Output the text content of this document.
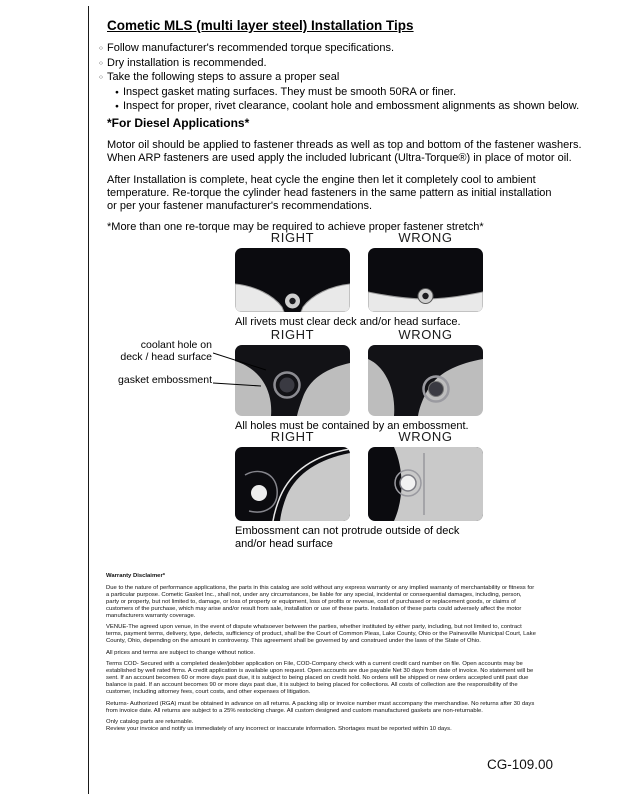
Cometic MLS (multi layer steel) Installation Tips
○
Follow manufacturer's recommended torque specifications.
○
Dry installation is recommended.
○
Take the following steps to assure a proper seal
●
Inspect gasket mating surfaces. They must be smooth 50RA or finer.
●
Inspect for proper, rivet clearance, coolant hole and embossment alignments as shown below.
*For Diesel Applications*
Motor oil should be applied to fastener threads as well as top and bottom of the fastener washers.
When ARP fasteners are used apply the included lubricant (Ultra-Torque®) in place of motor oil.
After Installation is complete, heat cycle the engine then let it completely cool to ambient
temperature. Re-torque the cylinder head fasteners in the same pattern as initial installation
or per your fastener manufacturer's recommendations.
*More than one re-torque may be required to achieve proper fastener stretch*
RIGHT	WRONG
All rivets must clear deck and/or head surface.
coolant hole on deck / head surface
gasket embossment
RIGHT	WRONG
All holes must be contained by an embossment.
RIGHT	WRONG
Embossment can not protrude outside of deck and/or head surface

Warranty Disclaimer*

Due to the nature of performance applications, the parts in this catalog are sold without any express warranty or any implied warranty of merchantability or fitness for a particular purpose. Cometic Gasket Inc., shall not, under any circumstances, be liable for any special, incidental or consequential damages, including, person, party or property, but not limited to, damage, or loss of property or equipment, loss of profits or revenue, cost of purchased or replacement goods, or claims of customers of the purchase, which may arise and/or result from sale, installation or use of these parts. Installation of these parts could adversely affect the motor manufacturers warranty coverage.

VENUE-The agreed upon venue, in the event of dispute whatsoever between the parties, whether instituted by either party, including, but not limited to, contract terms, payment terms, delivery, type, defects, sufficiency of product, shall be the Court of Common Pleas, Lake County, Ohio or the Painesville Municipal Court, Lake County, Ohio, depending on the amount in controversy. This agreement shall be governed by and construed under the laws of the State of Ohio.

All prices and terms are subject to change without notice.

Terms COD- Secured with a completed dealer/jobber application on File, COD-Company check with a current credit card number on file. Open accounts may be established by well rated firms. A credit application is available upon request. Open accounts are due payable Net 30 days from date of invoice. No statement will be sent. If an account becomes 60 or more days past due, it is subject to being placed on credit hold. No orders will be shipped or new orders accepted until past due balance is paid. If an account becomes 90 or more days past due, it is subject to being placed for collections. All costs of collection are the responsibility of the customer, including attorney fees, court costs, and other expenses of litigation.

Returns- Authorized (RGA) must be obtained in advance on all returns. A packing slip or invoice number must accompany the merchandise. No returns after 30 days from invoice date. All returns are subject to a 25% restocking charge. All custom designed and custom manufactured gaskets are non-returnable.

Only catalog parts are returnable.

Review your invoice and notify us immediately of any incorrect or inaccurate information. Shortages must be reported within 10 days.

CG-109.00
